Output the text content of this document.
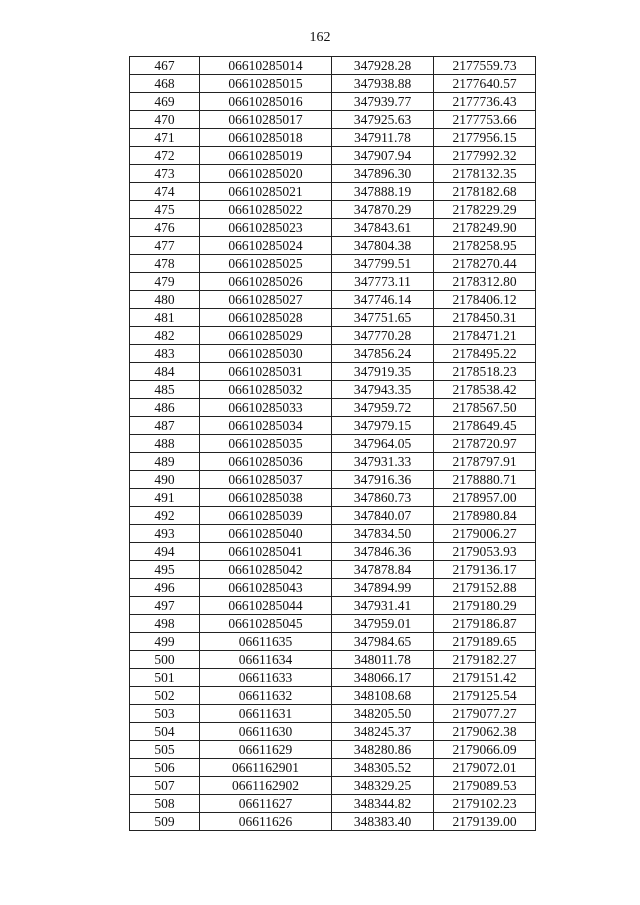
162
467	06610285014	347928.28	2177559.73
468	06610285015	347938.88	2177640.57
469	06610285016	347939.77	2177736.43
470	06610285017	347925.63	2177753.66
471	06610285018	347911.78	2177956.15
472	06610285019	347907.94	2177992.32
473	06610285020	347896.30	2178132.35
474	06610285021	347888.19	2178182.68
475	06610285022	347870.29	2178229.29
476	06610285023	347843.61	2178249.90
477	06610285024	347804.38	2178258.95
478	06610285025	347799.51	2178270.44
479	06610285026	347773.11	2178312.80
480	06610285027	347746.14	2178406.12
481	06610285028	347751.65	2178450.31
482	06610285029	347770.28	2178471.21
483	06610285030	347856.24	2178495.22
484	06610285031	347919.35	2178518.23
485	06610285032	347943.35	2178538.42
486	06610285033	347959.72	2178567.50
487	06610285034	347979.15	2178649.45
488	06610285035	347964.05	2178720.97
489	06610285036	347931.33	2178797.91
490	06610285037	347916.36	2178880.71
491	06610285038	347860.73	2178957.00
492	06610285039	347840.07	2178980.84
493	06610285040	347834.50	2179006.27
494	06610285041	347846.36	2179053.93
495	06610285042	347878.84	2179136.17
496	06610285043	347894.99	2179152.88
497	06610285044	347931.41	2179180.29
498	06610285045	347959.01	2179186.87
499	06611635	347984.65	2179189.65
500	06611634	348011.78	2179182.27
501	06611633	348066.17	2179151.42
502	06611632	348108.68	2179125.54
503	06611631	348205.50	2179077.27
504	06611630	348245.37	2179062.38
505	06611629	348280.86	2179066.09
506	0661162901	348305.52	2179072.01
507	0661162902	348329.25	2179089.53
508	06611627	348344.82	2179102.23
509	06611626	348383.40	2179139.00
